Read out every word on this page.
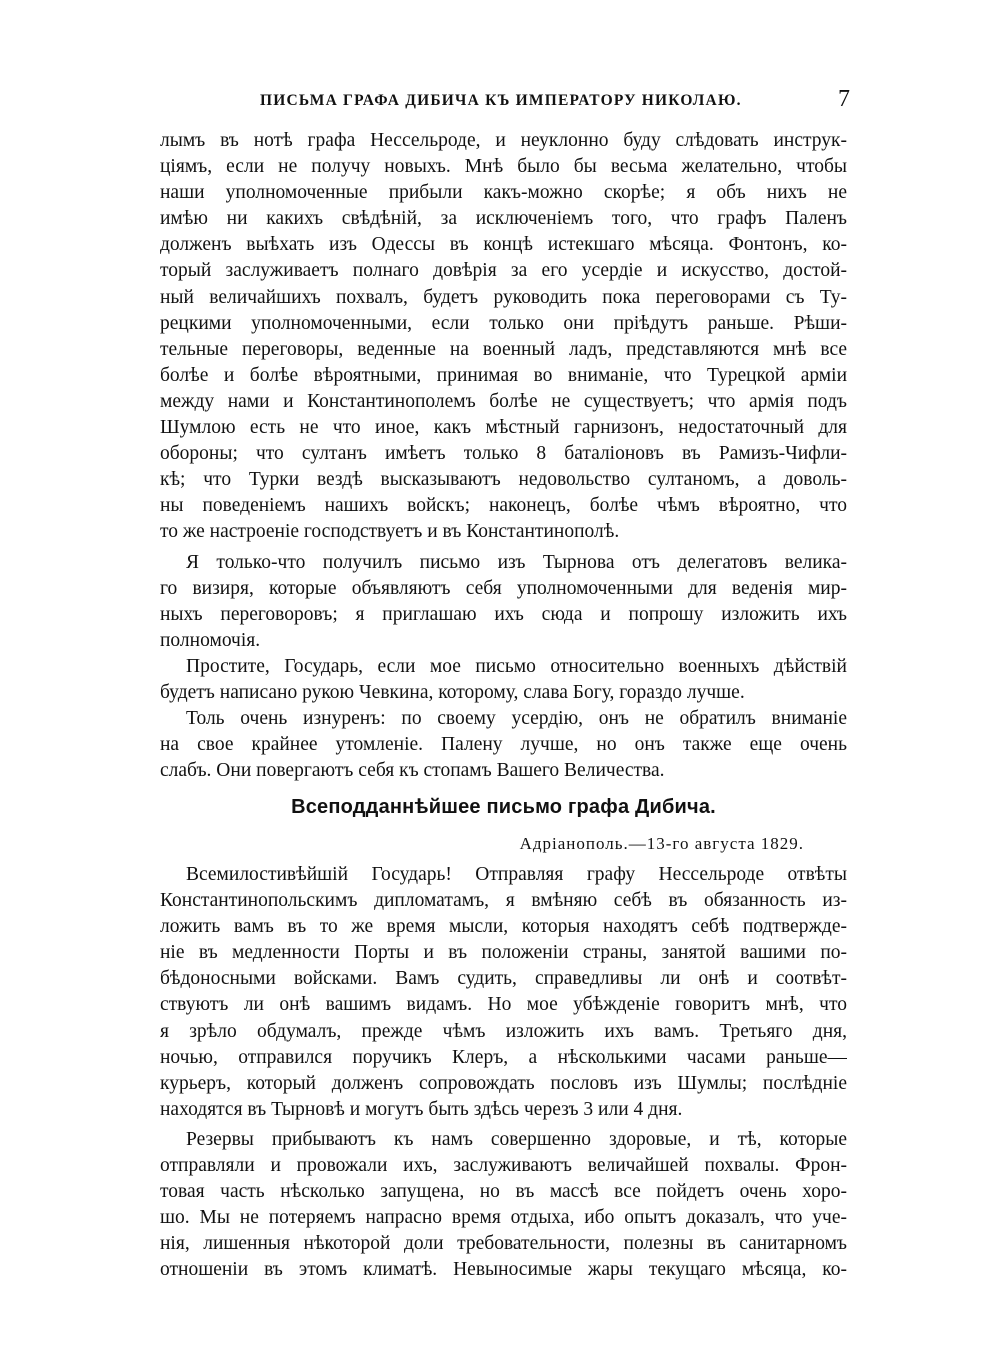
ПИСЬМА ГРАФА ДИБИЧА КЪ ИМПЕРАТОРУ НИКОЛАЮ.	7
лымъ въ нотѣ графа Нессельроде, и неуклонно буду слѣдовать инструк-
ціямъ, если не получу новыхъ. Мнѣ было бы весьма желательно, чтобы
наши уполномоченные прибыли какъ-можно скорѣе; я объ нихъ не
имѣю ни какихъ свѣдѣній, за исключеніемъ того, что графъ Паленъ
долженъ выѣхать изъ Одессы въ концѣ истекшаго мѣсяца. Фонтонъ, ко-
торый заслуживаетъ полнаго довѣрія за его усердіе и искусство, достой-
ный величайшихъ похвалъ, будетъ руководить пока переговорами съ Ту-
рецкими уполномоченными, если только они пріѣдутъ раньше. Рѣши-
тельные переговоры, веденные на военный ладъ, представляются мнѣ все
болѣе и болѣе вѣроятными, принимая во вниманіе, что Турецкой арміи
между нами и Константинополемъ болѣе не существуетъ; что армія подъ
Шумлою есть не что иное, какъ мѣстный гарнизонъ, недостаточный для
обороны; что султанъ имѣетъ только 8 баталіоновъ въ Рамизъ-Чифли-
кѣ; что Турки вездѣ высказываютъ недовольство султаномъ, а доволь-
ны поведеніемъ нашихъ войскъ; наконецъ, болѣе чѣмъ вѣроятно, что
то же настроеніе господствуетъ и въ Константинополѣ.
Я только-что получилъ письмо изъ Тырнова отъ делегатовъ велика-
го визиря, которые объявляютъ себя уполномоченными для веденія мир-
ныхъ переговоровъ; я приглашаю ихъ сюда и попрошу изложить ихъ
полномочія.
Простите, Государь, если мое письмо относительно военныхъ дѣйствій
будетъ написано рукою Чевкина, которому, слава Богу, гораздо лучше.
Толь очень изнуренъ: по своему усердію, онъ не обратилъ вниманіе
на свое крайнее утомленіе. Палену лучше, но онъ также еще очень
слабъ. Они повергаютъ себя къ стопамъ Вашего Величества.
Всеподданнѣйшее письмо графа Дибича.
Адріанополь.—13-го августа 1829.
Всемилостивѣйшій Государь! Отправляя графу Нессельроде отвѣты
Константинопольскимъ дипломатамъ, я вмѣняю себѣ въ обязанность из-
ложить вамъ въ то же время мысли, которыя находятъ себѣ подтвержде-
ніе въ медленности Порты и въ положеніи страны, занятой вашими по-
бѣдоносными войсками. Вамъ судить, справедливы ли онѣ и соотвѣт-
ствуютъ ли онѣ вашимъ видамъ. Но мое убѣжденіе говоритъ мнѣ, что
я зрѣло обдумалъ, прежде чѣмъ изложить ихъ вамъ. Третьяго дня,
ночью, отправился поручикъ Клеръ, а нѣсколькими часами раньше—
курьеръ, который долженъ сопровождать пословъ изъ Шумлы; послѣдніе
находятся въ Тырновѣ и могутъ быть здѣсь черезъ 3 или 4 дня.
Резервы прибываютъ къ намъ совершенно здоровые, и тѣ, которые
отправляли и провожали ихъ, заслуживаютъ величайшей похвалы. Фрон-
товая часть нѣсколько запущена, но въ массѣ все пойдетъ очень хоро-
шо. Мы не потеряемъ напрасно время отдыха, ибо опытъ доказалъ, что уче-
нія, лишенныя нѣкоторой доли требовательности, полезны въ санитарномъ
отношеніи въ этомъ климатѣ. Невыносимые жары текущаго мѣсяца, ко-
